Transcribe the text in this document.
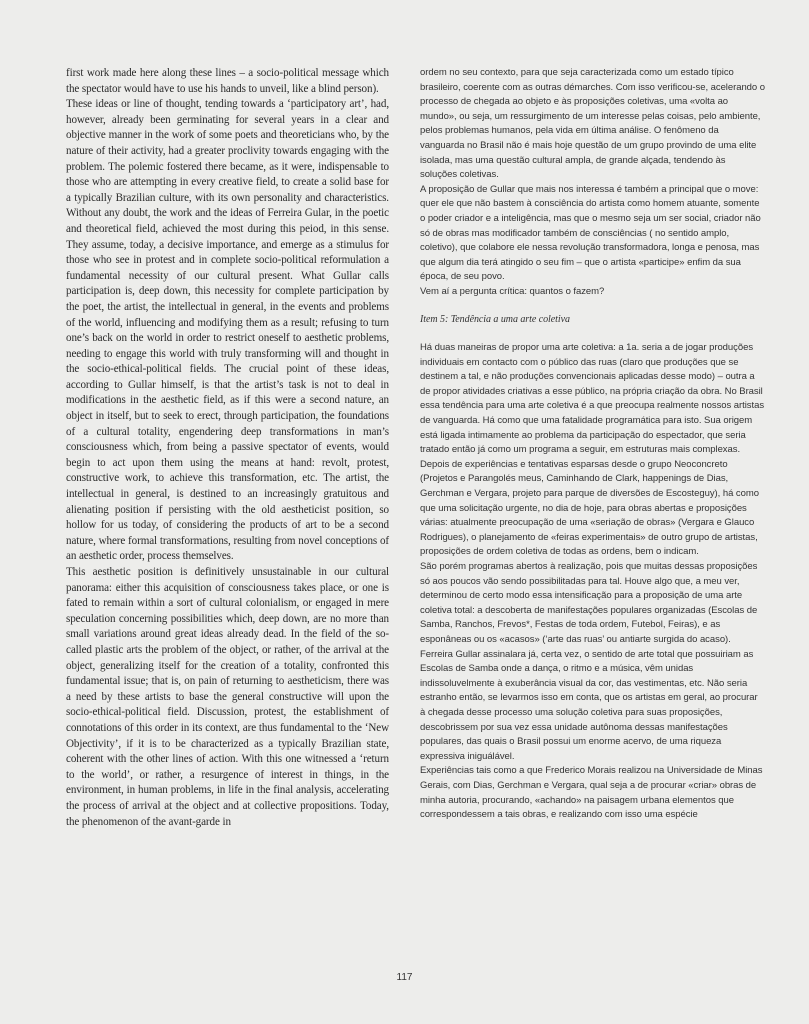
first work made here along these lines – a socio-political message which the spectator would have to use his hands to unveil, like a blind person).

These ideas or line of thought, tending towards a ‘participatory art’, had, however, already been germinating for several years in a clear and objective manner in the work of some poets and theoreticians who, by the nature of their activity, had a greater proclivity towards engaging with the problem. The polemic fostered there became, as it were, indispensable to those who are attempting in every creative field, to create a solid base for a typically Brazilian culture, with its own personality and characteristics. Without any doubt, the work and the ideas of Ferreira Gular, in the poetic and theoretical field, achieved the most during this peiod, in this sense. They assume, today, a decisive importance, and emerge as a stimulus for those who see in protest and in complete socio-political reformulation a fundamental necessity of our cultural present. What Gullar calls participation is, deep down, this necessity for complete participation by the poet, the artist, the intellectual in general, in the events and problems of the world, influencing and modifying them as a result; refusing to turn one’s back on the world in order to restrict oneself to aesthetic problems, needing to engage this world with truly transforming will and thought in the socio-ethical-political fields. The crucial point of these ideas, according to Gullar himself, is that the artist’s task is not to deal in modifications in the aesthetic field, as if this were a second nature, an object in itself, but to seek to erect, through participation, the foundations of a cultural totality, engendering deep transformations in man’s consciousness which, from being a passive spectator of events, would begin to act upon them using the means at hand: revolt, protest, constructive work, to achieve this transformation, etc. The artist, the intellectual in general, is destined to an increasingly gratuitous and alienating position if persisting with the old aestheticist position, so hollow for us today, of considering the products of art to be a second nature, where formal transformations, resulting from novel conceptions of an aesthetic order, process themselves.

This aesthetic position is definitively unsustainable in our cultural panorama: either this acquisition of consciousness takes place, or one is fated to remain within a sort of cultural colonialism, or engaged in mere speculation concerning possibilities which, deep down, are no more than small variations around great ideas already dead. In the field of the so-called plastic arts the problem of the object, or rather, of the arrival at the object, generalizing itself for the creation of a totality, confronted this fundamental issue; that is, on pain of returning to aestheticism, there was a need by these artists to base the general constructive will upon the socio-ethical-political field. Discussion, protest, the establishment of connotations of this order in its context, are thus fundamental to the ‘New Objectivity’, if it is to be characterized as a typically Brazilian state, coherent with the other lines of action. With this one witnessed a ‘return to the world’, or rather, a resurgence of interest in things, in the environment, in human problems, in life in the final analysis, accelerating the process of arrival at the object and at collective propositions. Today, the phenomenon of the avant-garde in

ordem no seu contexto, para que seja caracterizada como um estado típico brasileiro, coerente com as outras démarches. Com isso verificou-se, acelerando o processo de chegada ao objeto e às proposições coletivas, uma «volta ao mundo», ou seja, um ressurgimento de um interesse pelas coisas, pelo ambiente, pelos problemas humanos, pela vida em última análise. O fenômeno da vanguarda no Brasil não é mais hoje questão de um grupo provindo de uma elite isolada, mas uma questão cultural ampla, de grande alçada, tendendo às soluções coletivas.

A proposição de Gullar que mais nos interessa é também a principal que o move: quer ele que não bastem à consciência do artista como homem atuante, somente o poder criador e a inteligência, mas que o mesmo seja um ser social, criador não só de obras mas modificador também de consciências ( no sentido amplo, coletivo), que colabore ele nessa revolução transformadora, longa e penosa, mas que algum dia terá atingido o seu fim – que o artista «participe» enfim da sua época, de seu povo.

Vem aí a pergunta crítica: quantos o fazem?

Item 5: Tendência a uma arte coletiva

Há duas maneiras de propor uma arte coletiva: a 1a. seria a de jogar produções individuais em contacto com o público das ruas (claro que produções que se destinem a tal, e não produções convencionais aplicadas desse modo) – outra a de propor atividades criativas a esse público, na própria criação da obra. No Brasil essa tendência para uma arte coletiva é a que preocupa realmente nossos artistas de vanguarda. Há como que uma fatalidade programática para isto. Sua origem está ligada intimamente ao problema da participação do espectador, que seria tratado então já como um programa a seguir, em estruturas mais complexas. Depois de experiências e tentativas esparsas desde o grupo Neoconcreto (Projetos e Parangolés meus, Caminhando de Clark, happenings de Dias, Gerchman e Vergara, projeto para parque de diversões de Escosteguy), há como que uma solicitação urgente, no dia de hoje, para obras abertas e proposições várias: atualmente preocupação de uma «seriação de obras» (Vergara e Glauco Rodrigues), o planejamento de «feiras experimentais» de outro grupo de artistas, proposições de ordem coletiva de todas as ordens, bem o indicam.

São porém programas abertos à realização, pois que muitas dessas proposições só aos poucos vão sendo possibilitadas para tal. Houve algo que, a meu ver, determinou de certo modo essa intensificação para a proposição de uma arte coletiva total: a descoberta de manifestações populares organizadas (Escolas de Samba, Ranchos, Frevos*, Festas de toda ordem, Futebol, Feiras), e as esponâneas ou os «acasos» (‘arte das ruas’ ou antiarte surgida do acaso). Ferreira Gullar assinalara já, certa vez, o sentido de arte total que possuiriam as Escolas de Samba onde a dança, o ritmo e a música, vêm unidas indissoluvelmente à exuberância visual da cor, das vestimentas, etc. Não seria estranho então, se levarmos isso em conta, que os artistas em geral, ao procurar à chegada desse processo uma solução coletiva para suas proposições, descobrissem por sua vez essa unidade autônoma dessas manifestações populares, das quais o Brasil possui um enorme acervo, de uma riqueza expressiva iniguálável.

Experiências tais como a que Frederico Morais realizou na Universidade de Minas Gerais, com Dias, Gerchman e Vergara, qual seja a de procurar «criar» obras de minha autoria, procurando, «achando» na paisagem urbana elementos que correspondessem a tais obras, e realizando com isso uma espécie

117
